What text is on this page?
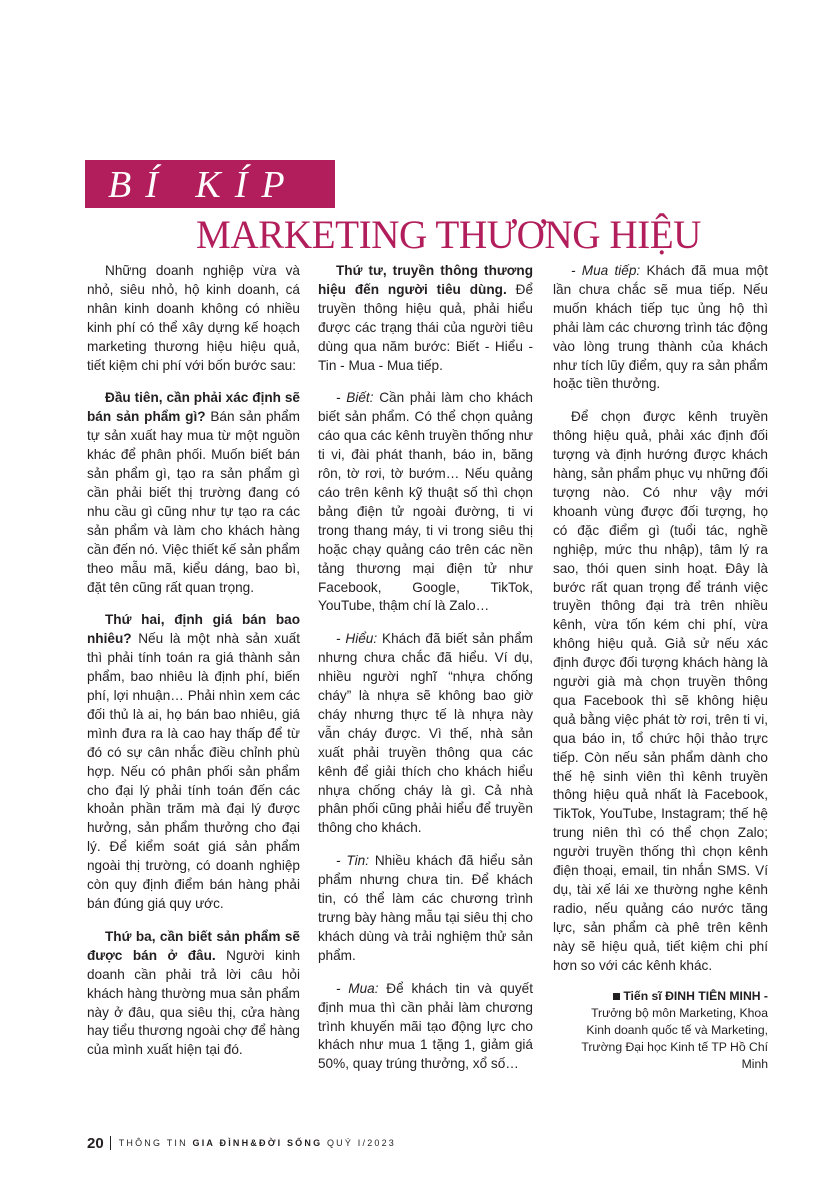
BÍ KÍP
MARKETING THƯƠNG HIỆU

Những doanh nghiệp vừa và nhỏ, siêu nhỏ, hộ kinh doanh, cá nhân kinh doanh không có nhiều kinh phí có thể xây dựng kế hoạch marketing thương hiệu hiệu quả, tiết kiệm chi phí với bốn bước sau:

Đầu tiên, cần phải xác định sẽ bán sản phẩm gì? Bán sản phẩm tự sản xuất hay mua từ một nguồn khác để phân phối. Muốn biết bán sản phẩm gì, tạo ra sản phẩm gì cần phải biết thị trường đang có nhu cầu gì cũng như tự tạo ra các sản phẩm và làm cho khách hàng cần đến nó. Việc thiết kế sản phẩm theo mẫu mã, kiểu dáng, bao bì, đặt tên cũng rất quan trọng.

Thứ hai, định giá bán bao nhiêu? Nếu là một nhà sản xuất thì phải tính toán ra giá thành sản phẩm, bao nhiêu là định phí, biến phí, lợi nhuận… Phải nhìn xem các đối thủ là ai, họ bán bao nhiêu, giá mình đưa ra là cao hay thấp để từ đó có sự cân nhắc điều chỉnh phù hợp. Nếu có phân phối sản phẩm cho đại lý phải tính toán đến các khoản phần trăm mà đại lý được hưởng, sản phẩm thưởng cho đại lý. Để kiểm soát giá sản phẩm ngoài thị trường, có doanh nghiệp còn quy định điểm bán hàng phải bán đúng giá quy ước.

Thứ ba, cần biết sản phẩm sẽ được bán ở đâu. Người kinh doanh cần phải trả lời câu hỏi khách hàng thường mua sản phẩm này ở đâu, qua siêu thị, cửa hàng hay tiểu thương ngoài chợ để hàng của mình xuất hiện tại đó.

Thứ tư, truyền thông thương hiệu đến người tiêu dùng. Để truyền thông hiệu quả, phải hiểu được các trạng thái của người tiêu dùng qua năm bước: Biết - Hiểu - Tin - Mua - Mua tiếp.

- Biết: Cần phải làm cho khách biết sản phẩm. Có thể chọn quảng cáo qua các kênh truyền thống như ti vi, đài phát thanh, báo in, băng rôn, tờ rơi, tờ bướm… Nếu quảng cáo trên kênh kỹ thuật số thì chọn bảng điện tử ngoài đường, ti vi trong thang máy, ti vi trong siêu thị hoặc chạy quảng cáo trên các nền tảng thương mại điện tử như Facebook, Google, TikTok, YouTube, thậm chí là Zalo…

- Hiểu: Khách đã biết sản phẩm nhưng chưa chắc đã hiểu. Ví dụ, nhiều người nghĩ “nhựa chống cháy” là nhựa sẽ không bao giờ cháy nhưng thực tế là nhựa này vẫn cháy được. Vì thế, nhà sản xuất phải truyền thông qua các kênh để giải thích cho khách hiểu nhựa chống cháy là gì. Cả nhà phân phối cũng phải hiểu để truyền thông cho khách.

- Tin: Nhiều khách đã hiểu sản phẩm nhưng chưa tin. Để khách tin, có thể làm các chương trình trưng bày hàng mẫu tại siêu thị cho khách dùng và trải nghiệm thử sản phẩm.

- Mua: Để khách tin và quyết định mua thì cần phải làm chương trình khuyến mãi tạo động lực cho khách như mua 1 tặng 1, giảm giá 50%, quay trúng thưởng, xổ số…

- Mua tiếp: Khách đã mua một lần chưa chắc sẽ mua tiếp. Nếu muốn khách tiếp tục ủng hộ thì phải làm các chương trình tác động vào lòng trung thành của khách như tích lũy điểm, quy ra sản phẩm hoặc tiền thưởng.

Để chọn được kênh truyền thông hiệu quả, phải xác định đối tượng và định hướng được khách hàng, sản phẩm phục vụ những đối tượng nào. Có như vậy mới khoanh vùng được đối tượng, họ có đặc điểm gì (tuổi tác, nghề nghiệp, mức thu nhập), tâm lý ra sao, thói quen sinh hoạt. Đây là bước rất quan trọng để tránh việc truyền thông đại trà trên nhiều kênh, vừa tốn kém chi phí, vừa không hiệu quả. Giả sử nếu xác định được đối tượng khách hàng là người già mà chọn truyền thông qua Facebook thì sẽ không hiệu quả bằng việc phát tờ rơi, trên ti vi, qua báo in, tổ chức hội thảo trực tiếp. Còn nếu sản phẩm dành cho thế hệ sinh viên thì kênh truyền thông hiệu quả nhất là Facebook, TikTok, YouTube, Instagram; thế hệ trung niên thì có thể chọn Zalo; người truyền thống thì chọn kênh điện thoại, email, tin nhắn SMS. Ví dụ, tài xế lái xe thường nghe kênh radio, nếu quảng cáo nước tăng lực, sản phẩm cà phê trên kênh này sẽ hiệu quả, tiết kiệm chi phí hơn so với các kênh khác.

Tiến sĩ ĐINH TIÊN MINH -
Trưởng bộ môn Marketing, Khoa
Kinh doanh quốc tế và Marketing,
Trường Đại học Kinh tế TP Hồ Chí Minh
20 THÔNG TIN GIA ĐÌNH&ĐỜI SỐNG QUÝ I/2023
